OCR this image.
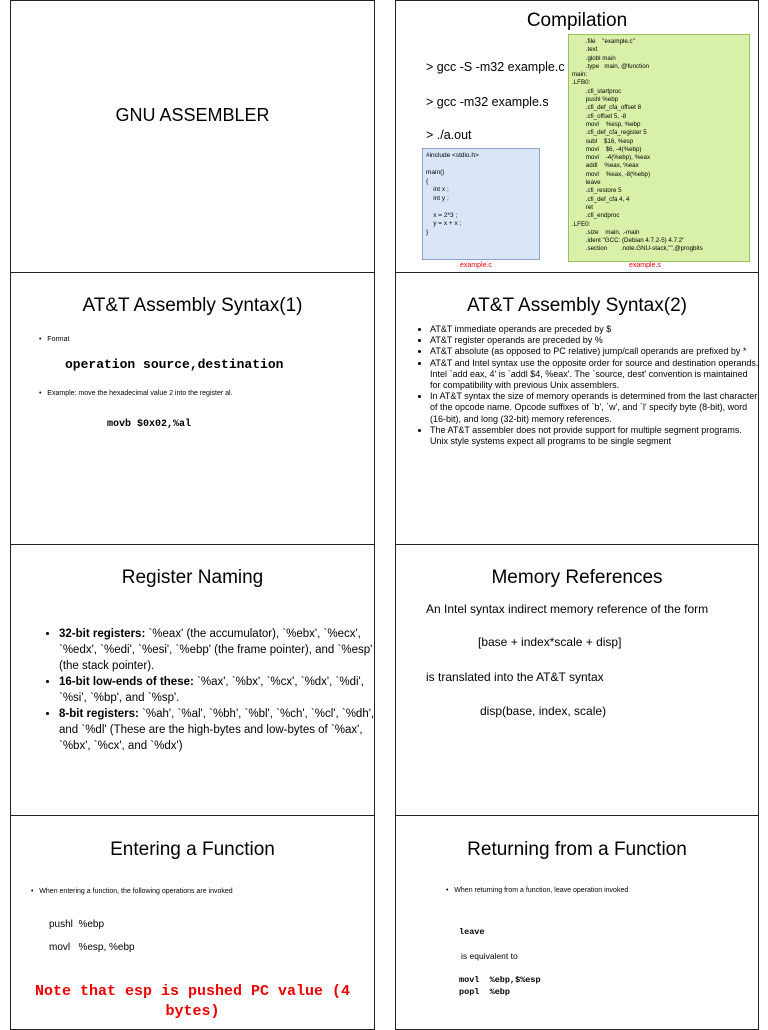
GNU ASSEMBLER
Compilation
> gcc -S -m32 example.c
> gcc -m32 example.s
> ./a.out
#include <stdio.h>

main()
{
int x ;
int y ;

x = 2*3 ;
y = x + x ;
}
example.c
.file    "example.c"
.text
.globl main
.type   main, @function
main:
.LFB0:
.cfi_startproc
pushl %ebp
.cfi_def_cfa_offset 8
.cfi_offset 5, -8
movl    %esp, %ebp
.cfi_def_cfa_register 5
subl    $16, %esp
movl    $6, -4(%ebp)
movl    -4(%ebp), %eax
addl    %eax, %eax
movl    %eax, -8(%ebp)
leave
.cfi_restore 5
.cfi_def_cfa 4, 4
ret
.cfi_endproc
.LFE0:
.size    main, .-main
.ident "GCC: (Debian 4.7.2-5) 4.7.2"
.section        .note.GNU-stack,"",@progbits
example.s
AT&T Assembly Syntax(1)
•   Format
operation source,destination
•   Example: move the hexadecimal value 2 into the register al.
movb $0x02,%al
AT&T Assembly Syntax(2)
• AT&T immediate operands are preceded by $
• AT&T register operands are preceded by %
• AT&T absolute (as opposed to PC relative) jump/call operands are prefixed by *
• AT&T and Intel syntax use the opposite order for source and destination operands. Intel `add eax, 4' is `addl $4, %eax'. The `source, dest' convention is maintained for compatibility with previous Unix assemblers.
• In AT&T syntax the size of memory operands is determined from the last character of the opcode name. Opcode suffixes of `b', `w', and `l' specify byte (8-bit), word (16-bit), and long (32-bit) memory references.
• The AT&T assembler does not provide support for multiple segment programs. Unix style systems expect all programs to be single segment
Register Naming
• 32-bit registers: `%eax' (the accumulator), `%ebx', `%ecx', `%edx', `%edi', `%esi', `%ebp' (the frame pointer), and `%esp' (the stack pointer).
• 16-bit low-ends of these: `%ax', `%bx', `%cx', `%dx', `%di', `%si', `%bp', and `%sp'.
• 8-bit registers: `%ah', `%al', `%bh', `%bl', `%ch', `%cl', `%dh', and `%dl' (These are the high-bytes and low-bytes of `%ax', `%bx', `%cx', and `%dx')
Memory References
An Intel syntax indirect memory reference of the form
[base + index*scale + disp]
is translated into the AT&T syntax
disp(base, index, scale)
Entering a Function
•   When entering a function, the following operations are invoked
pushl  %ebp
movl   %esp, %ebp
Note that esp is pushed PC value (4 bytes)
Returning from a Function
•   When returning from a function, leave operation invoked
leave
is equivalent to
movl  %ebp,$%esp
popl  %ebp
